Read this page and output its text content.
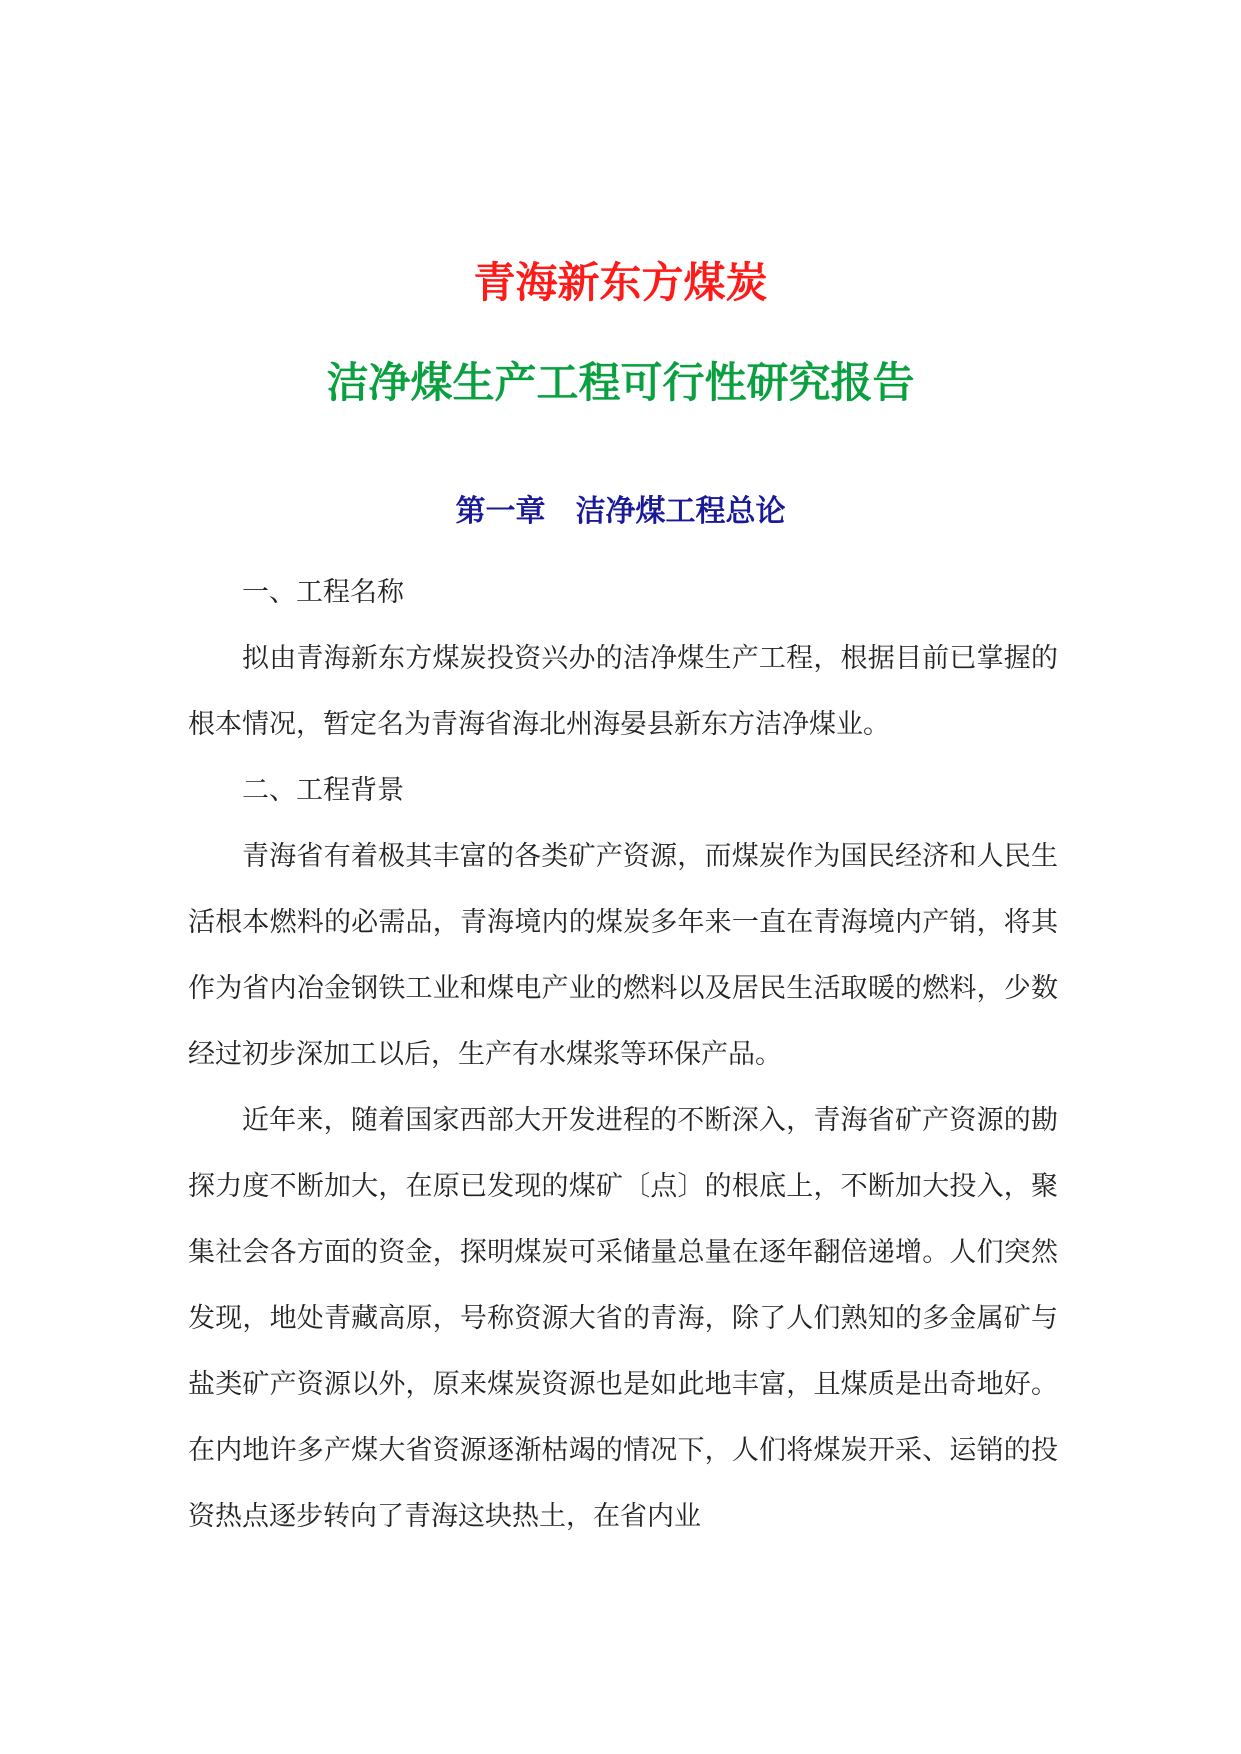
青海新东方煤炭
洁净煤生产工程可行性研究报告
第一章 洁净煤工程总论

一、工程名称

拟由青海新东方煤炭投资兴办的洁净煤生产工程，根据目前已掌握的根本情况，暂定名为青海省海北州海晏县新东方洁净煤业。

二、工程背景

青海省有着极其丰富的各类矿产资源，而煤炭作为国民经济和人民生活根本燃料的必需品，青海境内的煤炭多年来一直在青海境内产销，将其作为省内冶金钢铁工业和煤电产业的燃料以及居民生活取暖的燃料，少数经过初步深加工以后，生产有水煤浆等环保产品。

近年来，随着国家西部大开发进程的不断深入，青海省矿产资源的勘探力度不断加大，在原已发现的煤矿〔点〕的根底上，不断加大投入，聚集社会各方面的资金，探明煤炭可采储量总量在逐年翻倍递增。人们突然发现，地处青藏高原，号称资源大省的青海，除了人们熟知的多金属矿与盐类矿产资源以外，原来煤炭资源也是如此地丰富，且煤质是出奇地好。在内地许多产煤大省资源逐渐枯竭的情况下，人们将煤炭开采、运销的投资热点逐步转向了青海这块热土，在省内业
